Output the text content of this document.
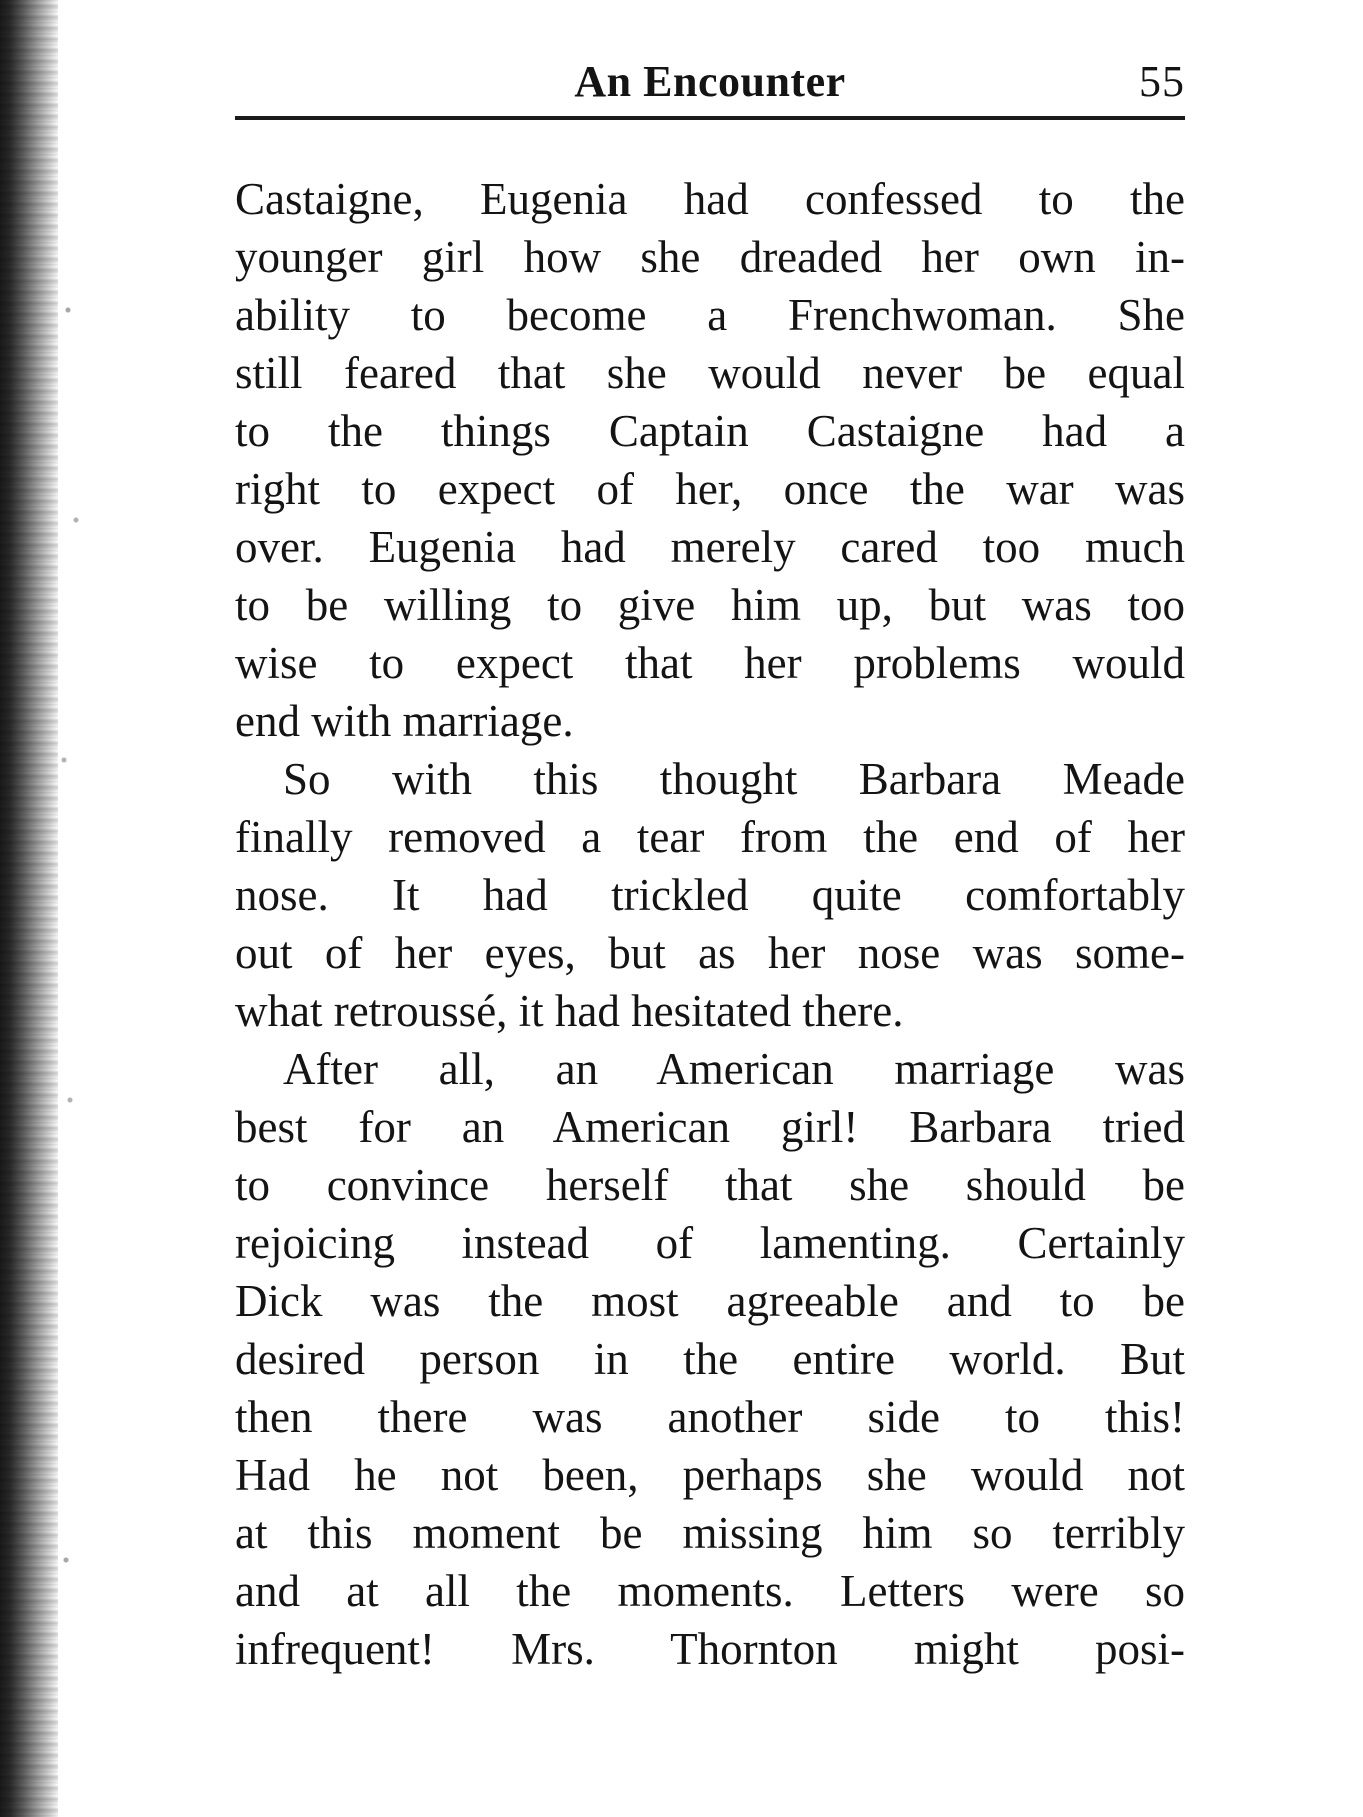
An Encounter	55
Castaigne, Eugenia had confessed to the
younger girl how she dreaded her own in-
ability to become a Frenchwoman. She
still feared that she would never be equal
to the things Captain Castaigne had a
right to expect of her, once the war was
over. Eugenia had merely cared too much
to be willing to give him up, but was too
wise to expect that her problems would
end with marriage.
So with this thought Barbara Meade
finally removed a tear from the end of her
nose. It had trickled quite comfortably
out of her eyes, but as her nose was some-
what retroussé, it had hesitated there.
After all, an American marriage was
best for an American girl! Barbara tried
to convince herself that she should be
rejoicing instead of lamenting. Certainly
Dick was the most agreeable and to be
desired person in the entire world. But
then there was another side to this!
Had he not been, perhaps she would not
at this moment be missing him so terribly
and at all the moments. Letters were so
infrequent! Mrs. Thornton might posi-
